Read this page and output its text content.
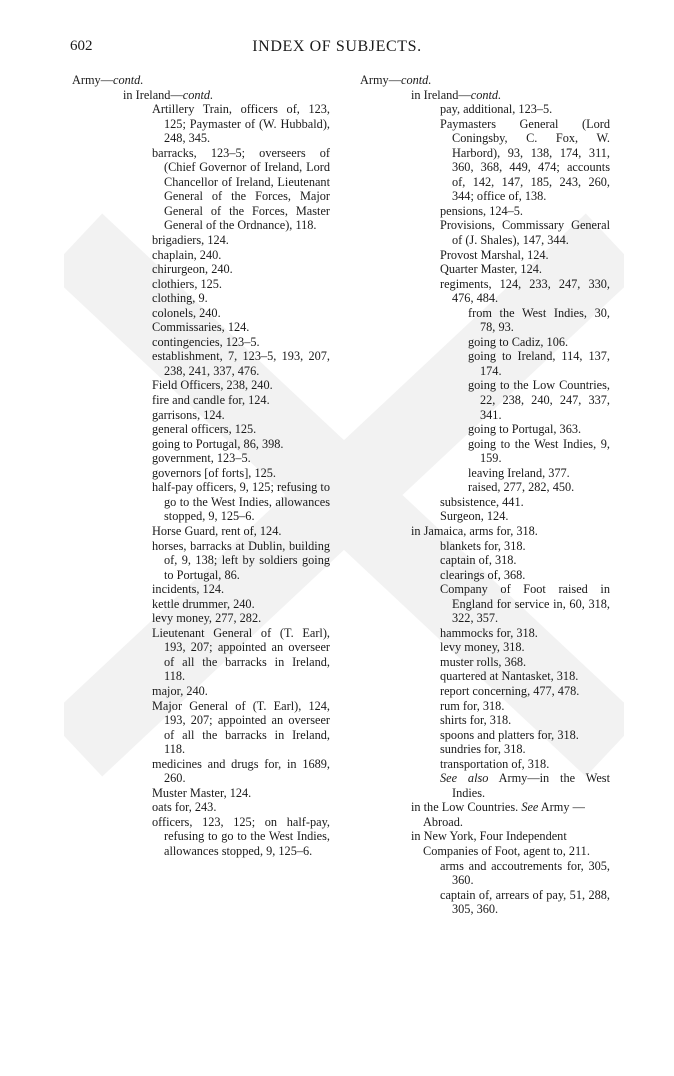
602	INDEX OF SUBJECTS.
Army—contd.
in Ireland—contd.
Artillery Train, officers of, 123, 125; Paymaster of (W. Hubbald), 248, 345.
barracks, 123–5; overseers of (Chief Governor of Ireland, Lord Chancellor of Ireland, Lieutenant General of the Forces, Major General of the Forces, Master General of the Ordnance), 118.
brigadiers, 124.
chaplain, 240.
chirurgeon, 240.
clothiers, 125.
clothing, 9.
colonels, 240.
Commissaries, 124.
contingencies, 123–5.
establishment, 7, 123–5, 193, 207, 238, 241, 337, 476.
Field Officers, 238, 240.
fire and candle for, 124.
garrisons, 124.
general officers, 125.
going to Portugal, 86, 398.
government, 123–5.
governors [of forts], 125.
half-pay officers, 9, 125; refusing to go to the West Indies, allowances stopped, 9, 125–6.
Horse Guard, rent of, 124.
horses, barracks at Dublin, building of, 9, 138; left by soldiers going to Portugal, 86.
incidents, 124.
kettle drummer, 240.
levy money, 277, 282.
Lieutenant General of (T. Earl), 193, 207; appointed an overseer of all the barracks in Ireland, 118.
major, 240.
Major General of (T. Earl), 124, 193, 207; appointed an overseer of all the barracks in Ireland, 118.
medicines and drugs for, in 1689, 260.
Muster Master, 124.
oats for, 243.
officers, 123, 125; on half-pay, refusing to go to the West Indies, allowances stopped, 9, 125–6.
Army—contd.
in Ireland—contd.
pay, additional, 123–5.
Paymasters General (Lord Coningsby, C. Fox, W. Harbord), 93, 138, 174, 311, 360, 368, 449, 474; accounts of, 142, 147, 185, 243, 260, 344; office of, 138.
pensions, 124–5.
Provisions, Commissary General of (J. Shales), 147, 344.
Provost Marshal, 124.
Quarter Master, 124.
regiments, 124, 233, 247, 330, 476, 484.
from the West Indies, 30, 78, 93.
going to Cadiz, 106.
going to Ireland, 114, 137, 174.
going to the Low Countries, 22, 238, 240, 247, 337, 341.
going to Portugal, 363.
going to the West Indies, 9, 159.
leaving Ireland, 377.
raised, 277, 282, 450.
subsistence, 441.
Surgeon, 124.
in Jamaica, arms for, 318.
blankets for, 318.
captain of, 318.
clearings of, 368.
Company of Foot raised in England for service in, 60, 318, 322, 357.
hammocks for, 318.
levy money, 318.
muster rolls, 368.
quartered at Nantasket, 318.
report concerning, 477, 478.
rum for, 318.
shirts for, 318.
spoons and platters for, 318.
sundries for, 318.
transportation of, 318.
See also Army—in the West Indies.
in the Low Countries. See Army —Abroad.
in New York, Four Independent Companies of Foot, agent to, 211.
arms and accoutrements for, 305, 360.
captain of, arrears of pay, 51, 288, 305, 360.
